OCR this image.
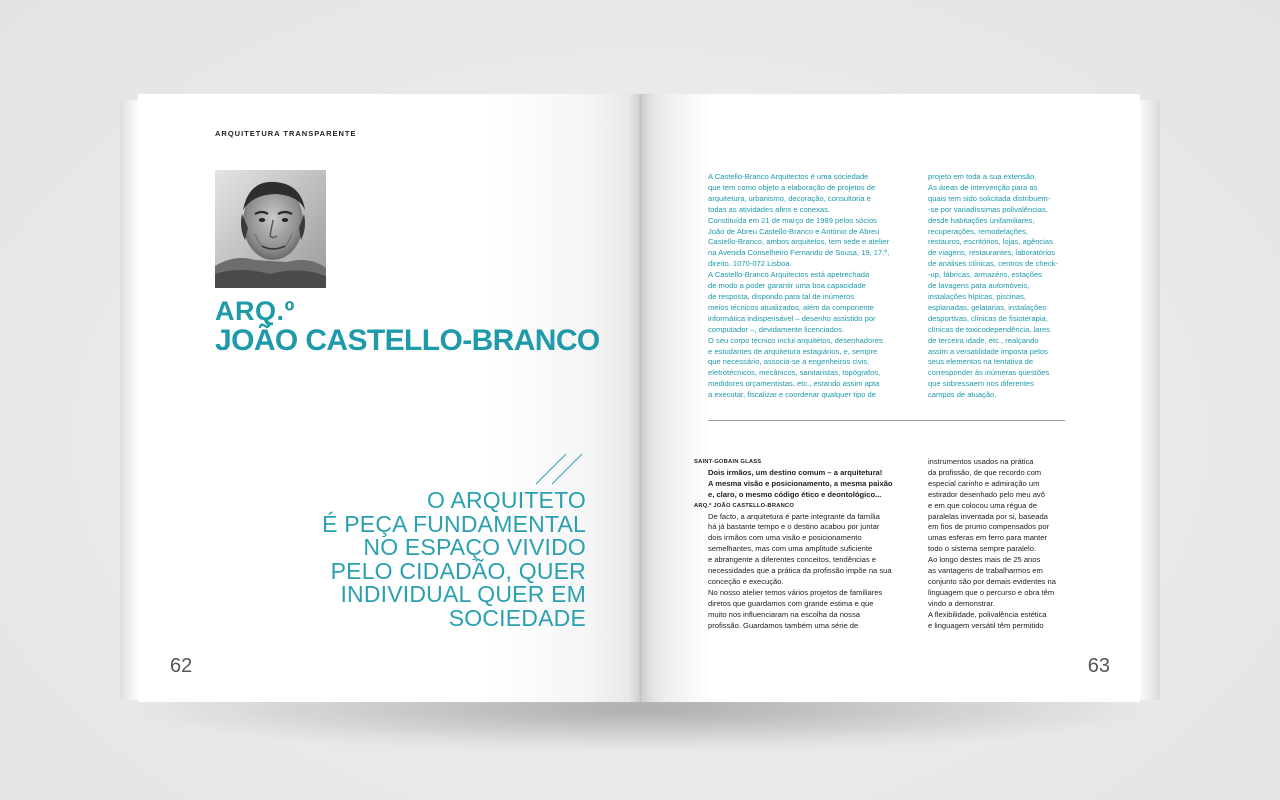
ARQUITETURA TRANSPARENTE
ARQ.º
JOÃO CASTELLO-BRANCO
O ARQUITETO
É PEÇA FUNDAMENTAL
NO ESPAÇO VIVIDO
PELO CIDADÃO, QUER
INDIVIDUAL QUER EM
SOCIEDADE
62
A Castello-Branco Arquitectos é uma sociedade
que tem como objeto a elaboração de projetos de
arquitetura, urbanismo, decoração, consultoria e
todas as atividades afins e conexas.
Constituída em 21 de março de 1989 pelos sócios
João de Abreu Castello-Branco e António de Abreu
Castello-Branco, ambos arquitetos, tem sede e atelier
na Avenida Conselheiro Fernando de Sousa, 19, 17.º,
direito, 1070-072 Lisboa.
A Castello-Branco Arquitectos está apetrechada
de modo a poder garantir uma boa capacidade
de resposta, dispondo para tal de inúmeros
meios técnicos atualizados, além da componente
informática indispensável – desenho assistido por
computador –, devidamente licenciados.
O seu corpo técnico inclui arquitetos, desenhadores
e estudantes de arquitetura estagiários, e, sempre
que necessário, associa-se a engenheiros civis,
eletrotécnicos, mecânicos, sanitaristas, topógrafos,
medidores orçamentistas, etc., estando assim apta
a executar, fiscalizar e coordenar qualquer tipo de
projeto em toda a sua extensão.
As áreas de intervenção para as
quais tem sido solicitada distribuem-
-se por variadíssimas polivalências,
desde habitações unifamiliares,
recuperações, remodelações,
restauros, escritórios, lojas, agências
de viagens, restaurantes, laboratórios
de análises clínicas, centros de check-
-up, fábricas, armazéns, estações
de lavagens para automóveis,
instalações hípicas, piscinas,
esplanadas, gelatarias, instalações
desportivas, clínicas de fisioterapia,
clínicas de toxicodependência, lares
de terceira idade, etc., realçando
assim a versatilidade imposta pelos
seus elementos na tentativa de
corresponder às inúmeras questões
que sobressaem nos diferentes
campos de atuação.
SAINT-GOBAIN GLASS
Dois irmãos, um destino comum – a arquitetura!
A mesma visão e posicionamento, a mesma paixão
e, claro, o mesmo código ético e deontológico...
ARQ.º JOÃO CASTELLO-BRANCO
De facto, a arquitetura é parte integrante da família
há já bastante tempo e o destino acabou por juntar
dois irmãos com uma visão e posicionamento
semelhantes, mas com uma amplitude suficiente
e abrangente a diferentes conceitos, tendências e
necessidades que a prática da profissão impõe na sua
conceção e execução.
No nosso atelier temos vários projetos de familiares
diretos que guardamos com grande estima e que
muito nos influenciaram na escolha da nossa
profissão. Guardamos também uma série de
instrumentos usados na prática
da profissão, de que recordo com
especial carinho e admiração um
estirador desenhado pelo meu avô
e em que colocou uma régua de
paralelas inventada por si, baseada
em fios de prumo compensados por
umas esferas em ferro para manter
todo o sistema sempre paralelo.
Ao longo destes mais de 25 anos
as vantagens de trabalharmos em
conjunto são por demais evidentes na
linguagem que o percurso e obra têm
vindo a demonstrar.
A flexibilidade, polivalência estética
e linguagem versátil têm permitido
63
